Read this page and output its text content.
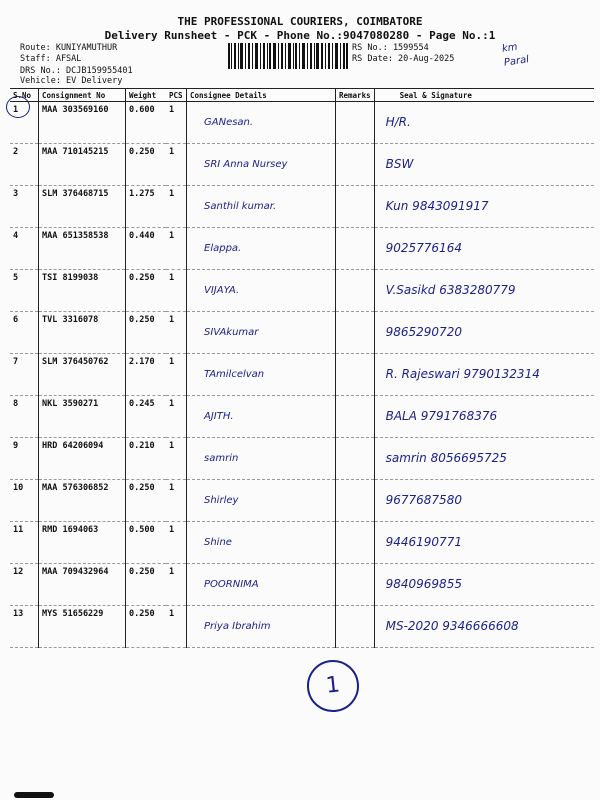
THE PROFESSIONAL COURIERS, COIMBATORE
Delivery Runsheet - PCK - Phone No.:9047080280 - Page No.:1
Route: KUNIYAMUTHUR
Staff: AFSAL
DRS No.: DCJB159955401
Vehicle: EV Delivery
RS No.: 1599554
RS Date: 20-Aug-2025
km
Paral
S.No	Consignment No	Weight	PCS	Consignee Details	Remarks	Seal & Signature
1	MAA 303569160	0.600	1	GANesan.		H/R.
2	MAA 710145215	0.250	1	SRI Anna Nursey		BSW
3	SLM 376468715	1.275	1	Santhil kumar.		Kun 9843091917
4	MAA 651358538	0.440	1	Elappa.		9025776164
5	TSI 8199038	0.250	1	VIJAYA.		V.Sasikd 6383280779
6	TVL 3316078	0.250	1	SIVAkumar		9865290720
7	SLM 376450762	2.170	1	TAmilcelvan		R. Rajeswari 9790132314
8	NKL 3590271	0.245	1	AJITH.		BALA 9791768376
9	HRD 64206094	0.210	1	samrin		samrin 8056695725
10	MAA 576306852	0.250	1	Shirley		9677687580
11	RMD 1694063	0.500	1	Shine		9446190771
12	MAA 709432964	0.250	1	POORNIMA		9840969855
13	MYS 51656229	0.250	1	Priya Ibrahim		MS-2020 9346666608
1
